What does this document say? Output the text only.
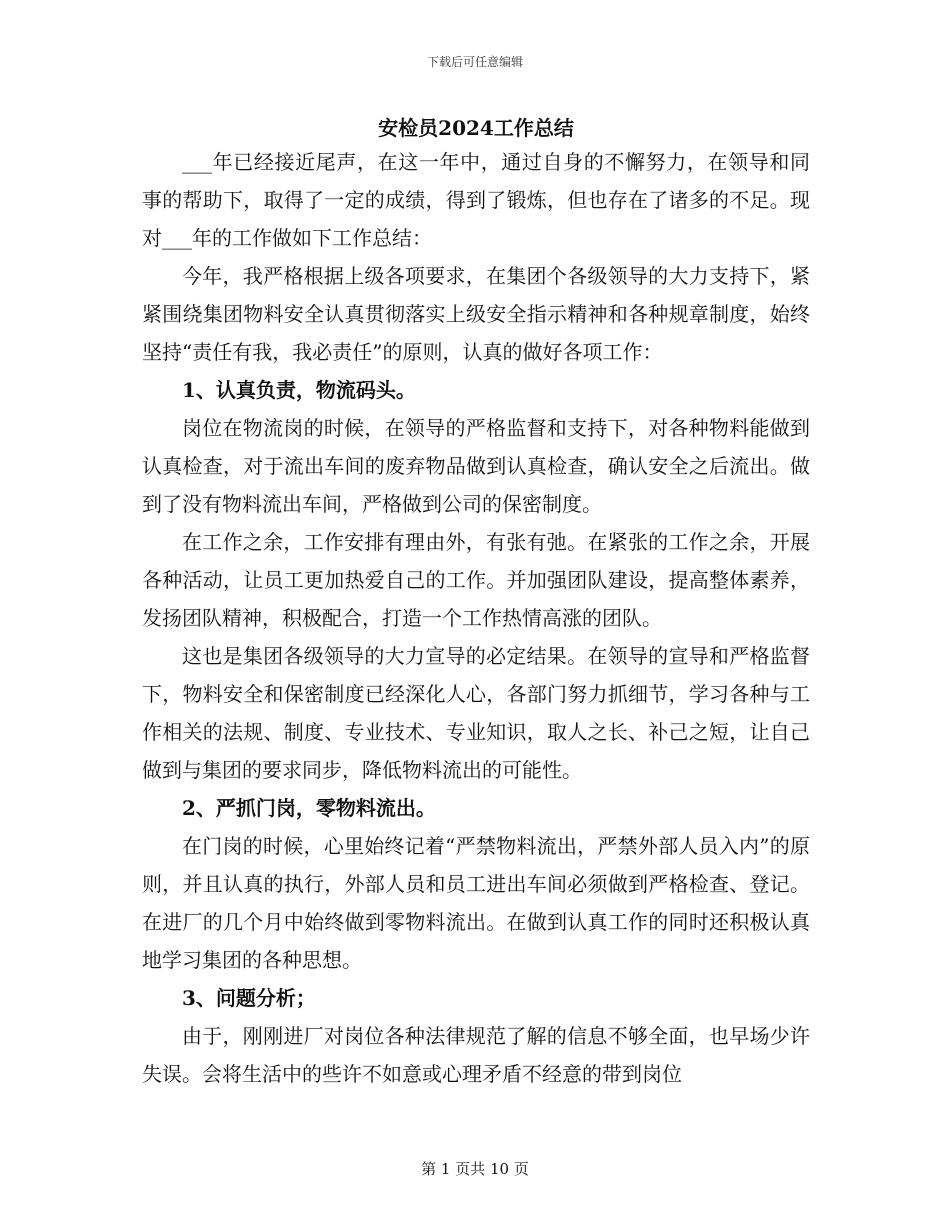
下载后可任意编辑
安检员2024工作总结

___年已经接近尾声，在这一年中，通过自身的不懈努力，在领导和同事的帮助下，取得了一定的成绩，得到了锻炼，但也存在了诸多的不足。现对___年的工作做如下工作总结：

今年，我严格根据上级各项要求，在集团个各级领导的大力支持下，紧紧围绕集团物料安全认真贯彻落实上级安全指示精神和各种规章制度，始终坚持“责任有我，我必责任”的原则，认真的做好各项工作：

1、认真负责，物流码头。

岗位在物流岗的时候，在领导的严格监督和支持下，对各种物料能做到认真检查，对于流出车间的废弃物品做到认真检查，确认安全之后流出。做到了没有物料流出车间，严格做到公司的保密制度。

在工作之余，工作安排有理由外，有张有弛。在紧张的工作之余，开展各种活动，让员工更加热爱自己的工作。并加强团队建设，提高整体素养，发扬团队精神，积极配合，打造一个工作热情高涨的团队。

这也是集团各级领导的大力宣导的必定结果。在领导的宣导和严格监督下，物料安全和保密制度已经深化人心，各部门努力抓细节，学习各种与工作相关的法规、制度、专业技术、专业知识，取人之长、补己之短，让自己做到与集团的要求同步，降低物料流出的可能性。

2、严抓门岗，零物料流出。

在门岗的时候，心里始终记着“严禁物料流出，严禁外部人员入内”的原则，并且认真的执行，外部人员和员工进出车间必须做到严格检查、登记。在进厂的几个月中始终做到零物料流出。在做到认真工作的同时还积极认真地学习集团的各种思想。

3、问题分析；

由于，刚刚进厂对岗位各种法律规范了解的信息不够全面，也早场少许失误。会将生活中的些许不如意或心理矛盾不经意的带到岗位

第 1 页共 10 页
